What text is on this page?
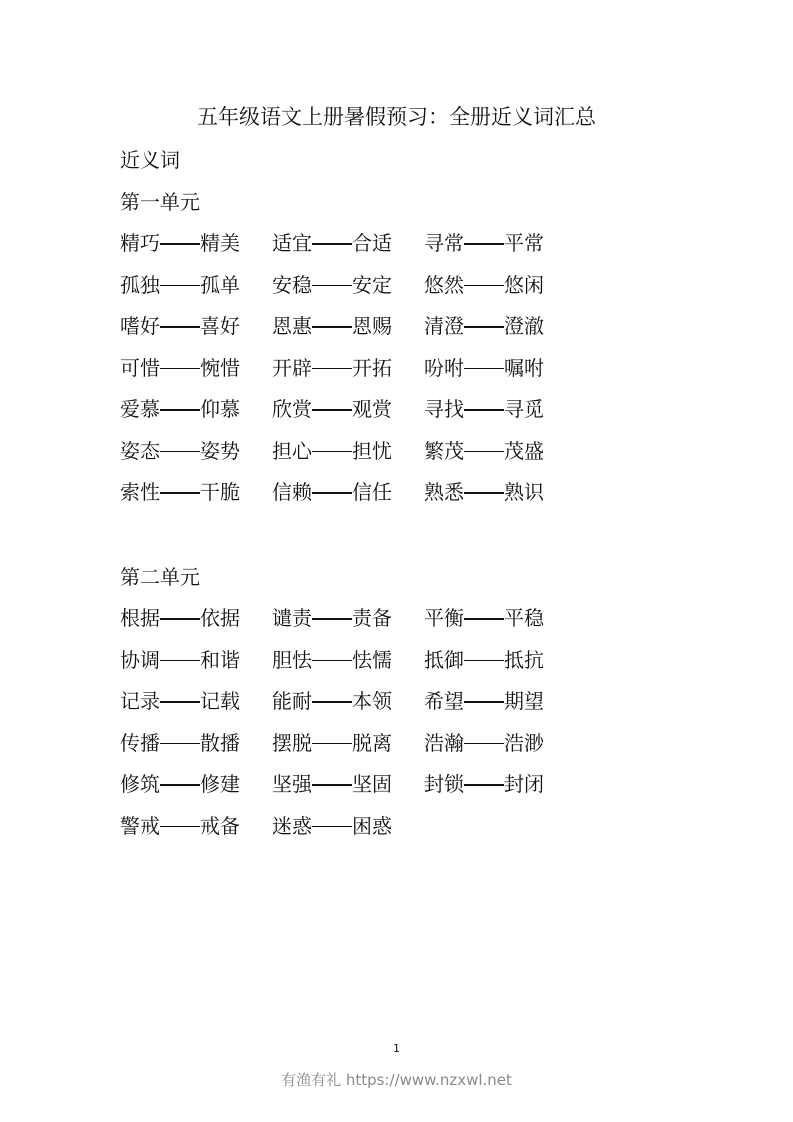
五年级语文上册暑假预习：全册近义词汇总
近义词
第一单元
精巧 精美 适宜 合适 寻常 平常
孤独 孤单 安稳 安定 悠然 悠闲
嗜好 喜好 恩惠 恩赐 清澄 澄澈
可惜 惋惜 开辟 开拓 吩咐 嘱咐
爱慕 仰慕 欣赏 观赏 寻找 寻觅
姿态 姿势 担心 担忧 繁茂 茂盛
索性 干脆 信赖 信任 熟悉 熟识
第二单元
根据 依据 谴责 责备 平衡 平稳
协调 和谐 胆怯 怯懦 抵御 抵抗
记录 记载 能耐 本领 希望 期望
传播 散播 摆脱 脱离 浩瀚 浩渺
修筑 修建 坚强 坚固 封锁 封闭
警戒 戒备 迷惑 困惑
1
有渔有礼 https://www.nzxwl.net
